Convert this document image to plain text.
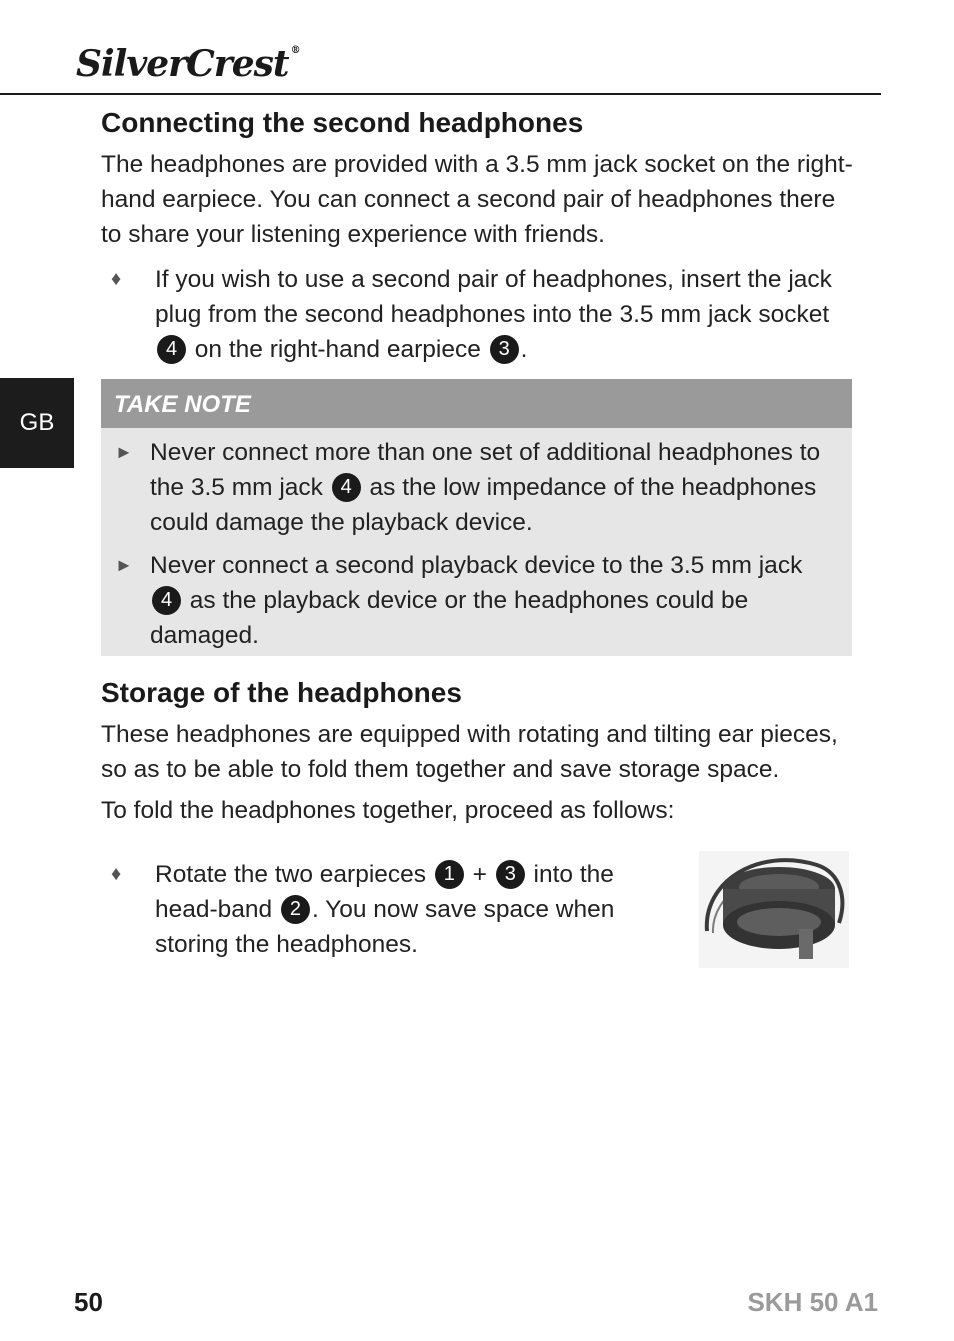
SilverCrest ®
GB
Connecting the second headphones

The headphones are provided with a 3.5 mm jack socket on the right-hand earpiece. You can connect a second pair of headphones there to share your listening experience with friends.

♦ If you wish to use a second pair of headphones, insert the jack plug from the second headphones into the 3.5 mm jack socket 4 on the right-hand earpiece 3 .
TAKE NOTE
► Never connect more than one set of additional headphones to the 3.5 mm jack 4 as the low impedance of the headphones could damage the playback device.
► Never connect a second playback device to the 3.5 mm jack 4 as the playback device or the headphones could be damaged.
Storage of the headphones

These headphones are equipped with rotating and tilting ear pieces, so as to be able to fold them together and save storage space.

To fold the headphones together, proceed as follows:

♦ Rotate the two earpieces 1 + 3 into the head-band 2 . You now save space when storing the headphones.
50	SKH 50 A1
